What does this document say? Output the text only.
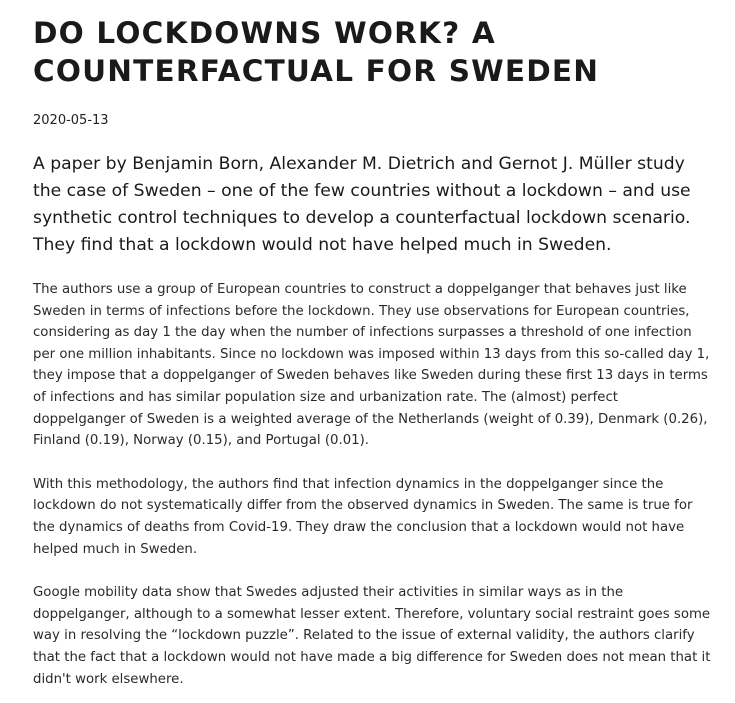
DO LOCKDOWNS WORK? A COUNTERFACTUAL FOR SWEDEN
2020-05-13

A paper by Benjamin Born, Alexander M. Dietrich and Gernot J. Müller study the case of Sweden – one of the few countries without a lockdown – and use synthetic control techniques to develop a counterfactual lockdown scenario. They find that a lockdown would not have helped much in Sweden.

The authors use a group of European countries to construct a doppelganger that behaves just like Sweden in terms of infections before the lockdown. They use observations for European countries, considering as day 1 the day when the number of infections surpasses a threshold of one infection per one million inhabitants. Since no lockdown was imposed within 13 days from this so-called day 1, they impose that a doppelganger of Sweden behaves like Sweden during these first 13 days in terms of infections and has similar population size and urbanization rate. The (almost) perfect doppelganger of Sweden is a weighted average of the Netherlands (weight of 0.39), Denmark (0.26), Finland (0.19), Norway (0.15), and Portugal (0.01).

With this methodology, the authors find that infection dynamics in the doppelganger since the lockdown do not systematically differ from the observed dynamics in Sweden. The same is true for the dynamics of deaths from Covid-19. They draw the conclusion that a lockdown would not have helped much in Sweden.

Google mobility data show that Swedes adjusted their activities in similar ways as in the doppelganger, although to a somewhat lesser extent. Therefore, voluntary social restraint goes some way in resolving the “lockdown puzzle”. Related to the issue of external validity, the authors clarify that the fact that a lockdown would not have made a big difference for Sweden does not mean that it didn't work elsewhere.
